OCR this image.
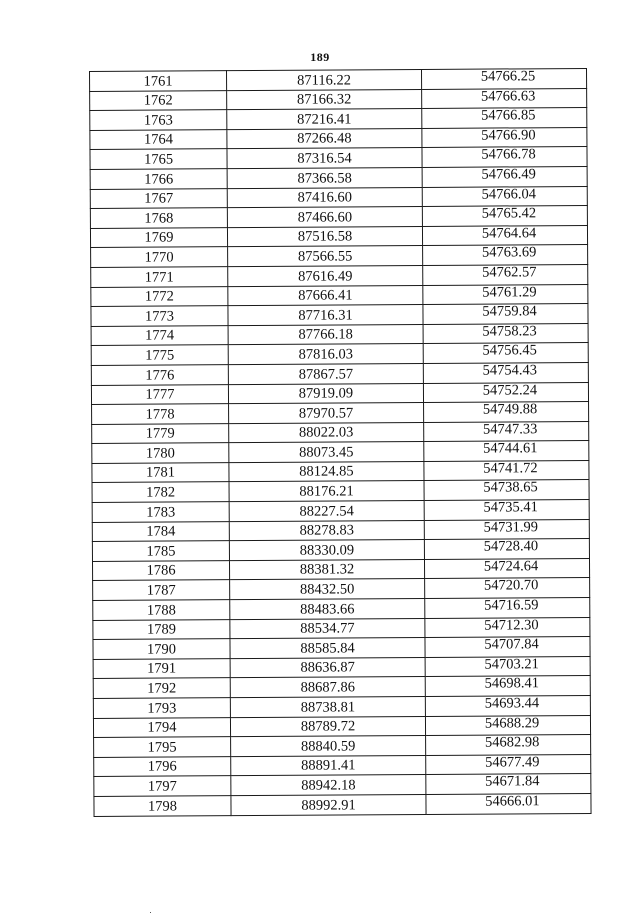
189
1761	87116.22	54766.25
1762	87166.32	54766.63
1763	87216.41	54766.85
1764	87266.48	54766.90
1765	87316.54	54766.78
1766	87366.58	54766.49
1767	87416.60	54766.04
1768	87466.60	54765.42
1769	87516.58	54764.64
1770	87566.55	54763.69
1771	87616.49	54762.57
1772	87666.41	54761.29
1773	87716.31	54759.84
1774	87766.18	54758.23
1775	87816.03	54756.45
1776	87867.57	54754.43
1777	87919.09	54752.24
1778	87970.57	54749.88
1779	88022.03	54747.33
1780	88073.45	54744.61
1781	88124.85	54741.72
1782	88176.21	54738.65
1783	88227.54	54735.41
1784	88278.83	54731.99
1785	88330.09	54728.40
1786	88381.32	54724.64
1787	88432.50	54720.70
1788	88483.66	54716.59
1789	88534.77	54712.30
1790	88585.84	54707.84
1791	88636.87	54703.21
1792	88687.86	54698.41
1793	88738.81	54693.44
1794	88789.72	54688.29
1795	88840.59	54682.98
1796	88891.41	54677.49
1797	88942.18	54671.84
1798	88992.91	54666.01
